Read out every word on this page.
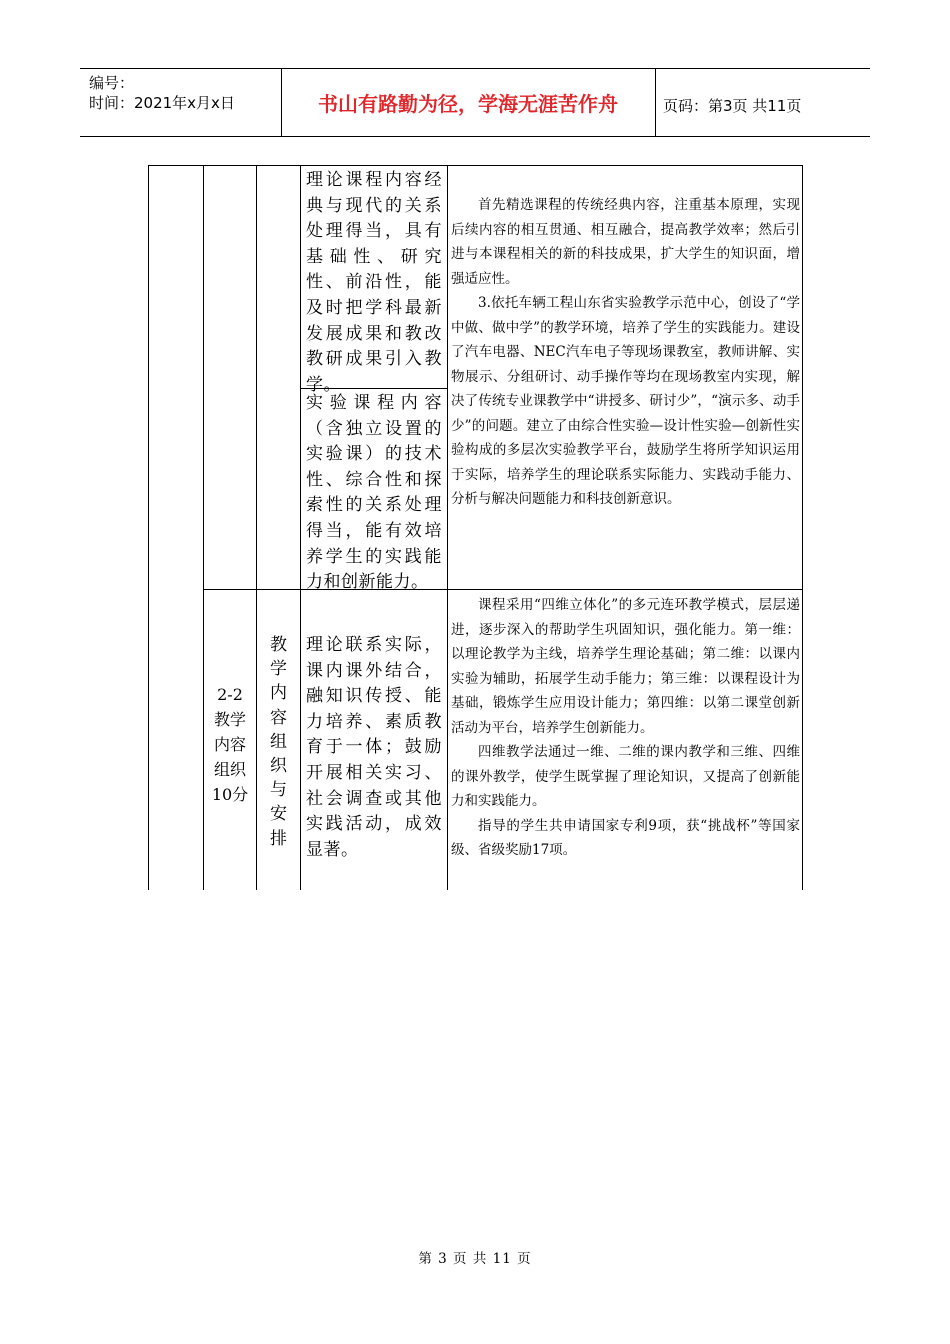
编号：
时间：2021年x月x日	书山有路勤为径，学海无涯苦作舟	页码：第3页 共11页
理论课程内容经
典与现代的关系
处理得当，具有
基础性、研究
性、前沿性，能
及时把学科最新
发展成果和教改
教研成果引入教
学。
实验课程内容
（含独立设置的
实验课）的技术
性、综合性和探
索性的关系处理
得当，能有效培
养学生的实践能
力和创新能力。

首先精选课程的传统经典内容，注重基本原理，实现后续内容的相互贯通、相互融合，提高教学效率；然后引进与本课程相关的新的科技成果，扩大学生的知识面，增强适应性。

3.依托车辆工程山东省实验教学示范中心，创设了“学中做、做中学”的教学环境，培养了学生的实践能力。建设了汽车电器、NEC汽车电子等现场课教室，教师讲解、实物展示、分组研讨、动手操作等均在现场教室内实现，解决了传统专业课教学中“讲授多、研讨少”，“演示多、动手少”的问题。建立了由综合性实验—设计性实验—创新性实验构成的多层次实验教学平台，鼓励学生将所学知识运用于实际，培养学生的理论联系实际能力、实践动手能力、分析与解决问题能力和科技创新意识。

2-2
教学
内容
组织
10分
教
学
内
容
组
织
与
安
排
理论联系实际，
课内课外结合，
融知识传授、能
力培养、素质教
育于一体；鼓励
开展相关实习、
社会调查或其他
实践活动，成效
显著。

课程采用“四维立体化”的多元连环教学模式，层层递进，逐步深入的帮助学生巩固知识，强化能力。第一维：以理论教学为主线，培养学生理论基础；第二维：以课内实验为辅助，拓展学生动手能力；第三维：以课程设计为基础，锻炼学生应用设计能力；第四维：以第二课堂创新活动为平台，培养学生创新能力。

四维教学法通过一维、二维的课内教学和三维、四维的课外教学，使学生既掌握了理论知识，又提高了创新能力和实践能力。

指导的学生共申请国家专利9项，获“挑战杯”等国家级、省级奖励17项。

第 3 页 共 11 页
